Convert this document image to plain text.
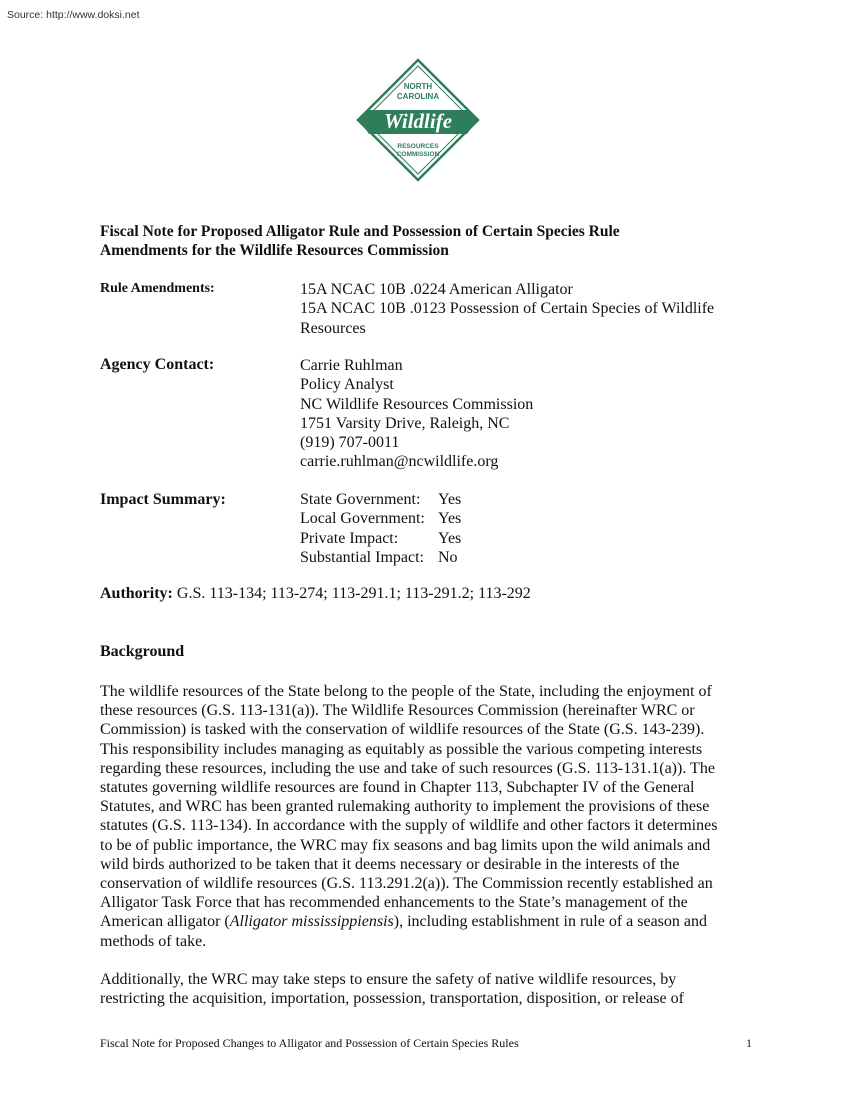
Source: http://www.doksi.net
NORTH
CAROLINA
Wildlife
RESOURCES
COMMISSION
Fiscal Note for Proposed Alligator Rule and Possession of Certain Species Rule
Amendments for the Wildlife Resources Commission
Rule Amendments:	15A NCAC 10B .0224 American Alligator
15A NCAC 10B .0123 Possession of Certain Species of Wildlife
Resources
Agency Contact:	Carrie Ruhlman
Policy Analyst
NC Wildlife Resources Commission
1751 Varsity Drive, Raleigh, NC
(919) 707-0011
carrie.ruhlman@ncwildlife.org
Impact Summary:	State Government:	Yes
Local Government: Yes
Private Impact:	Yes
Substantial Impact: No
Authority: G.S. 113-134; 113-274; 113-291.1; 113-291.2; 113-292
Background
The wildlife resources of the State belong to the people of the State, including the enjoyment of
these resources (G.S. 113-131(a)). The Wildlife Resources Commission (hereinafter WRC or
Commission) is tasked with the conservation of wildlife resources of the State (G.S. 143-239).
This responsibility includes managing as equitably as possible the various competing interests
regarding these resources, including the use and take of such resources (G.S. 113-131.1(a)). The
statutes governing wildlife resources are found in Chapter 113, Subchapter IV of the General
Statutes, and WRC has been granted rulemaking authority to implement the provisions of these
statutes (G.S. 113-134). In accordance with the supply of wildlife and other factors it determines
to be of public importance, the WRC may fix seasons and bag limits upon the wild animals and
wild birds authorized to be taken that it deems necessary or desirable in the interests of the
conservation of wildlife resources (G.S. 113.291.2(a)). The Commission recently established an
Alligator Task Force that has recommended enhancements to the State’s management of the
American alligator (Alligator mississippiensis), including establishment in rule of a season and
methods of take.
Additionally, the WRC may take steps to ensure the safety of native wildlife resources, by
restricting the acquisition, importation, possession, transportation, disposition, or release of
Fiscal Note for Proposed Changes to Alligator and Possession of Certain Species Rules	1
